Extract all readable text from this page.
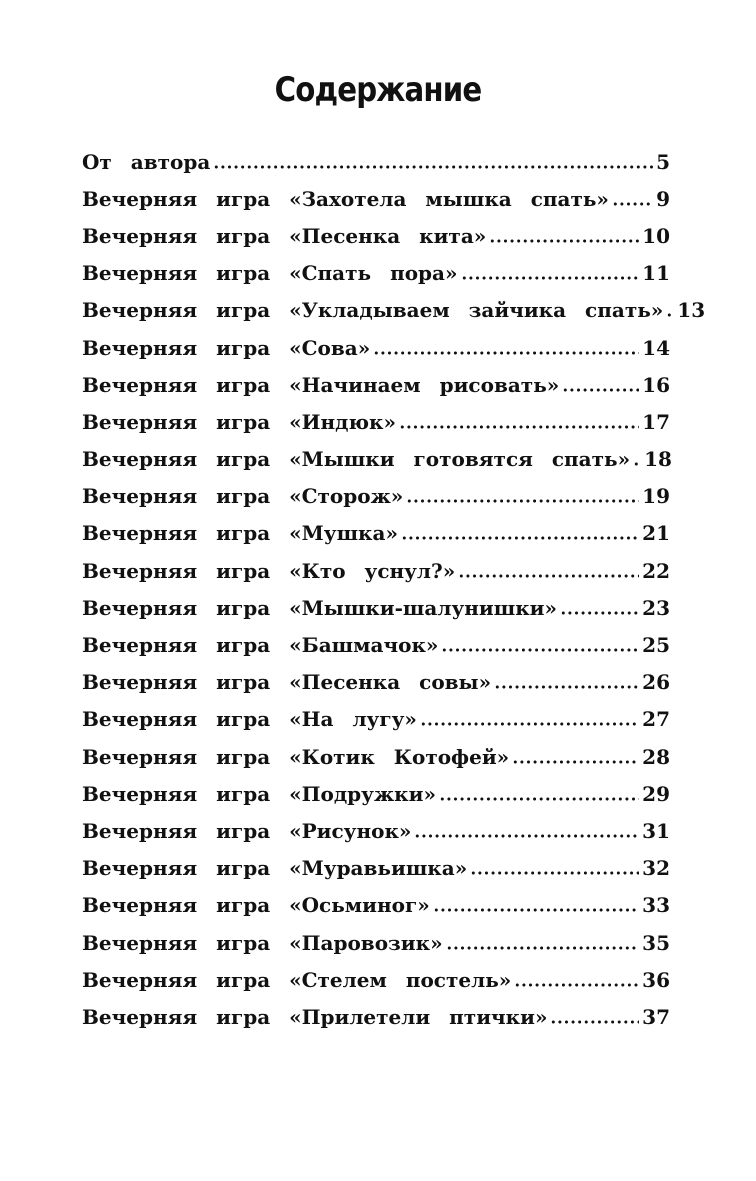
Содержание
От автора	5
Вечерняя игра «Захотела мышка спать» 9
Вечерняя игра «Песенка кита»	10
Вечерняя игра «Спать пора»	11
Вечерняя игра «Укладываем зайчика спать» 13
Вечерняя игра «Сова»	14
Вечерняя игра «Начинаем рисовать»	16
Вечерняя игра «Индюк»	17
Вечерняя игра «Мышки готовятся спать» 18
Вечерняя игра «Сторож»	19
Вечерняя игра «Мушка»	21
Вечерняя игра «Кто уснул?»	22
Вечерняя игра «Мышки-шалунишки»	23
Вечерняя игра «Башмачок»	25
Вечерняя игра «Песенка совы»	26
Вечерняя игра «На лугу»	27
Вечерняя игра «Котик Котофей»	28
Вечерняя игра «Подружки»	29
Вечерняя игра «Рисунок»	31
Вечерняя игра «Муравьишка»	32
Вечерняя игра «Осьминог»	33
Вечерняя игра «Паровозик»	35
Вечерняя игра «Стелем постель»	36
Вечерняя игра «Прилетели птички»	37
